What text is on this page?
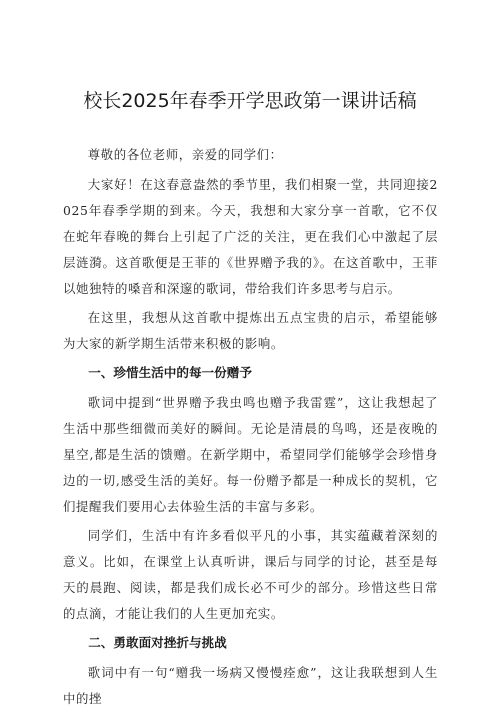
校长2025年春季开学思政第一课讲话稿
尊敬的各位老师，亲爱的同学们：

大家好！在这春意盎然的季节里，我们相聚一堂，共同迎接2025年春季学期的到来。今天，我想和大家分享一首歌，它不仅在蛇年春晚的舞台上引起了广泛的关注，更在我们心中激起了层层涟漪。这首歌便是王菲的《世界赠予我的》。在这首歌中，王菲以她独特的嗓音和深邃的歌词，带给我们许多思考与启示。

在这里，我想从这首歌中提炼出五点宝贵的启示，希望能够为大家的新学期生活带来积极的影响。

一、珍惜生活中的每一份赠予

歌词中提到“世界赠予我虫鸣也赠予我雷霆”，这让我想起了生活中那些细微而美好的瞬间。无论是清晨的鸟鸣，还是夜晚的星空,都是生活的馈赠。在新学期中，希望同学们能够学会珍惜身边的一切,感受生活的美好。每一份赠予都是一种成长的契机，它们提醒我们要用心去体验生活的丰富与多彩。

同学们，生活中有许多看似平凡的小事，其实蕴藏着深刻的意义。比如，在课堂上认真听讲，课后与同学的讨论，甚至是每天的晨跑、阅读，都是我们成长必不可少的部分。珍惜这些日常的点滴，才能让我们的人生更加充实。

二、勇敢面对挫折与挑战

歌词中有一句“赠我一场病又慢慢痊愈”，这让我联想到人生中的挫
